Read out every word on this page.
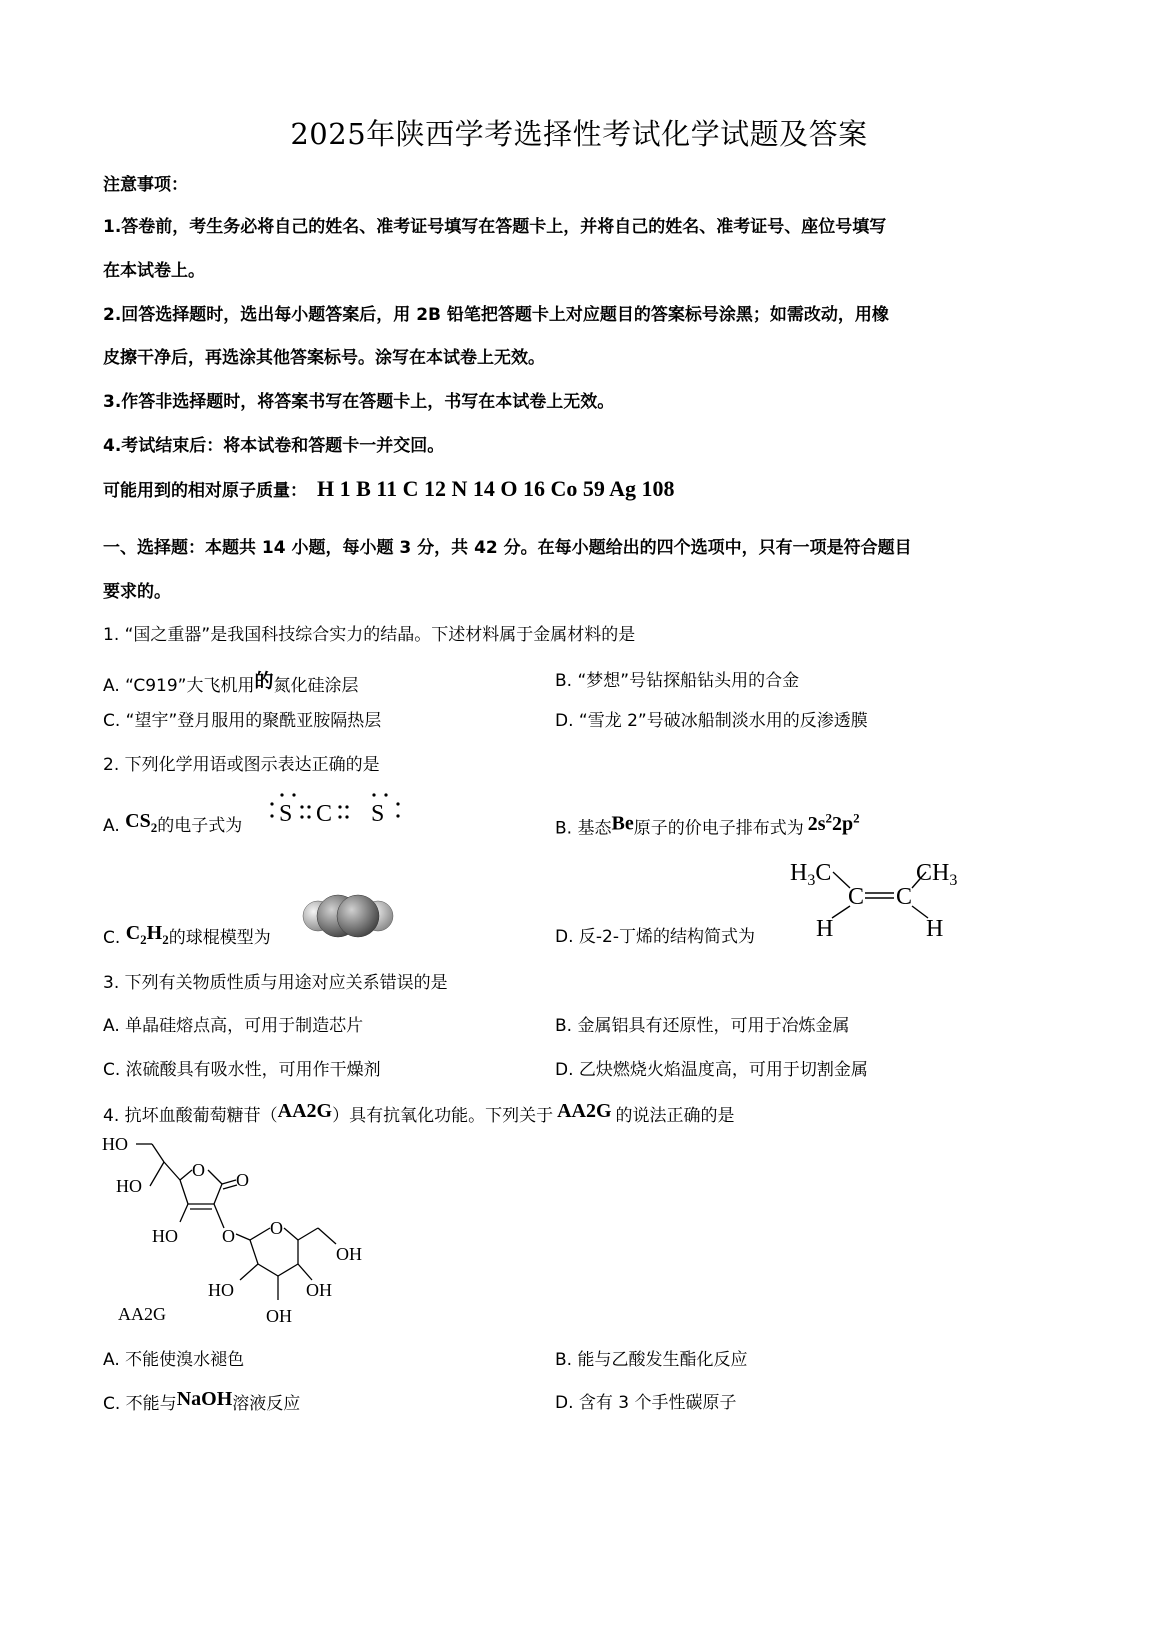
2025年陕西学考选择性考试化学试题及答案
注意事项：
1.答卷前，考生务必将自己的姓名、准考证号填写在答题卡上，并将自己的姓名、准考证号、座位号填写
在本试卷上。
2.回答选择题时，选出每小题答案后，用 2B 铅笔把答题卡上对应题目的答案标号涂黑；如需改动，用橡
皮擦干净后，再选涂其他答案标号。涂写在本试卷上无效。
3.作答非选择题时，将答案书写在答题卡上，书写在本试卷上无效。
4.考试结束后：将本试卷和答题卡一并交回。
可能用到的相对原子质量： H 1 B 11 C 12 N 14 O 16 Co 59 Ag 108
一、选择题：本题共 14 小题，每小题 3 分，共 42 分。在每小题给出的四个选项中，只有一项是符合题目
要求的。
1. “国之重器”是我国科技综合实力的结晶。下述材料属于金属材料的是
A. “C919”大飞机用的氮化硅涂层	B. “梦想”号钻探船钻头用的合金
C. “望宇”登月服用的聚酰亚胺隔热层	D. “雪龙 2”号破冰船制淡水用的反渗透膜
2. 下列化学用语或图示表达正确的是
A. $CS_2$的电子式为 S C S
B. 基态Be原子的价电子排布式为 $2s^22p^2$
C. $C_2H_2$的球棍模型为	D. 反-2-丁烯的结构简式为
$H_3C$	$CH_3$
C C
H	H
3. 下列有关物质性质与用途对应关系错误的是
A. 单晶硅熔点高，可用于制造芯片	B. 金属铝具有还原性，可用于冶炼金属
C. 浓硫酸具有吸水性，可用作干燥剂	D. 乙炔燃烧火焰温度高，可用于切割金属
4. 抗坏血酸葡萄糖苷（AA2G）具有抗氧化功能。下列关于 AA2G 的说法正确的是
HO
HO
O O
HO O O
OH
HO	OH
OH
AA2G
A. 不能使溴水褪色	B. 能与乙酸发生酯化反应
C. 不能与NaOH溶液反应	D. 含有 3 个手性碳原子
